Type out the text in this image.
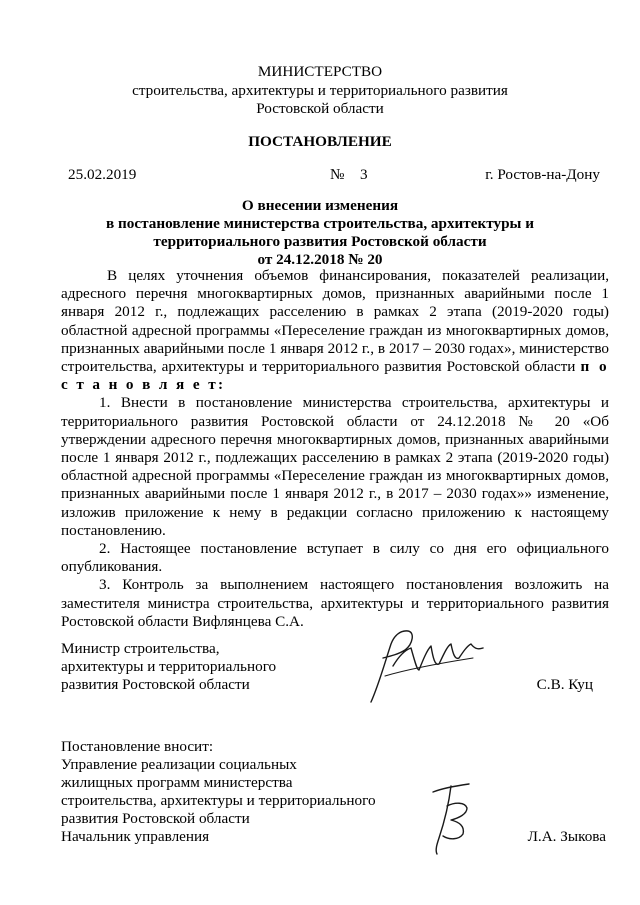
МИНИСТЕРСТВО
строительства, архитектуры и территориального развития
Ростовской области
ПОСТАНОВЛЕНИЕ
25.02.2019	№ 3	г. Ростов-на-Дону
О внесении изменения
в постановление министерства строительства, архитектуры и
территориального развития Ростовской области
от 24.12.2018 № 20

В целях уточнения объемов финансирования, показателей реализации, адресного перечня многоквартирных домов, признанных аварийными после 1 января 2012 г., подлежащих расселению в рамках 2 этапа (2019-2020 годы) областной адресной программы «Переселение граждан из многоквартирных домов, признанных аварийными после 1 января 2012 г., в 2017 – 2030 годах», министерство строительства, архитектуры и территориального развития Ростовской области п о с т а н о в л я е т:

1. Внести в постановление министерства строительства, архитектуры и территориального развития Ростовской области от 24.12.2018 № 20 «Об утверждении адресного перечня многоквартирных домов, признанных аварийными после 1 января 2012 г., подлежащих расселению в рамках 2 этапа (2019-2020 годы) областной адресной программы «Переселение граждан из многоквартирных домов, признанных аварийными после 1 января 2012 г., в 2017 – 2030 годах»» изменение, изложив приложение к нему в редакции согласно приложению к настоящему постановлению.

2. Настоящее постановление вступает в силу со дня его официального опубликования.

3. Контроль за выполнением настоящего постановления возложить на заместителя министра строительства, архитектуры и территориального развития Ростовской области Вифлянцева С.А.

Министр строительства,
архитектуры и территориального
развития Ростовской области	С.В. Куц
Постановление вносит:
Управление реализации социальных
жилищных программ министерства
строительства, архитектуры и территориального
развития Ростовской области
Начальник управления	Л.А. Зыкова
